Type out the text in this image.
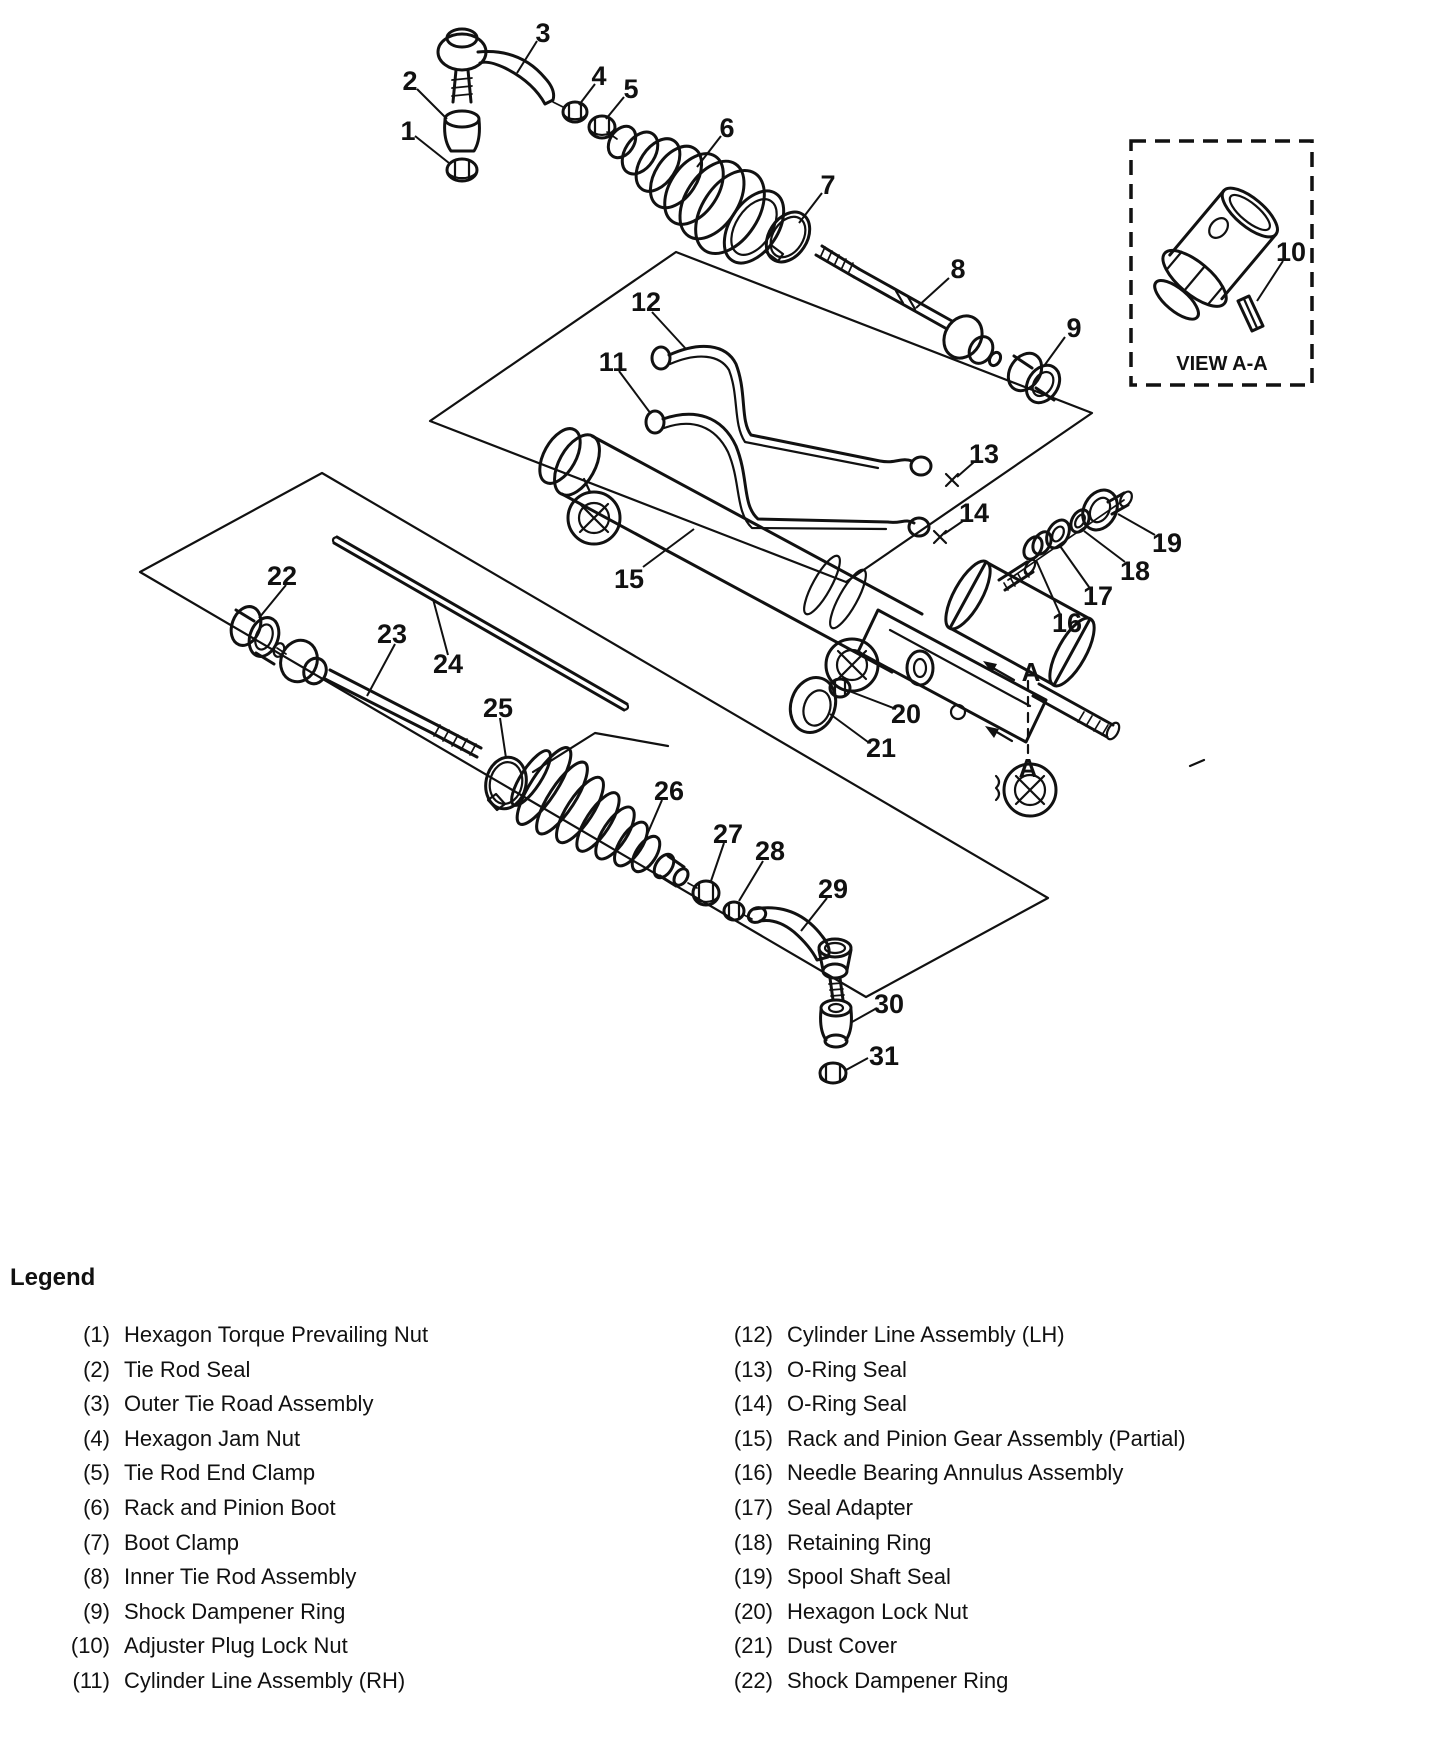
1
2
3
4 5
6
7
8
9
10
11
12
13
14
15
16
17
18
19
20
21
22
23
24
25
26
27
28
29
30
31
A
A
VIEW A-A
Legend
(1) Hexagon Torque Prevailing Nut
(2) Tie Rod Seal
(3) Outer Tie Road Assembly
(4) Hexagon Jam Nut
(5) Tie Rod End Clamp
(6) Rack and Pinion Boot
(7) Boot Clamp
(8) Inner Tie Rod Assembly
(9) Shock Dampener Ring
(10) Adjuster Plug Lock Nut
(11) Cylinder Line Assembly (RH)
(12) Cylinder Line Assembly (LH)
(13) O-Ring Seal
(14) O-Ring Seal
(15) Rack and Pinion Gear Assembly (Partial)
(16) Needle Bearing Annulus Assembly
(17) Seal Adapter
(18) Retaining Ring
(19) Spool Shaft Seal
(20) Hexagon Lock Nut
(21) Dust Cover
(22) Shock Dampener Ring
